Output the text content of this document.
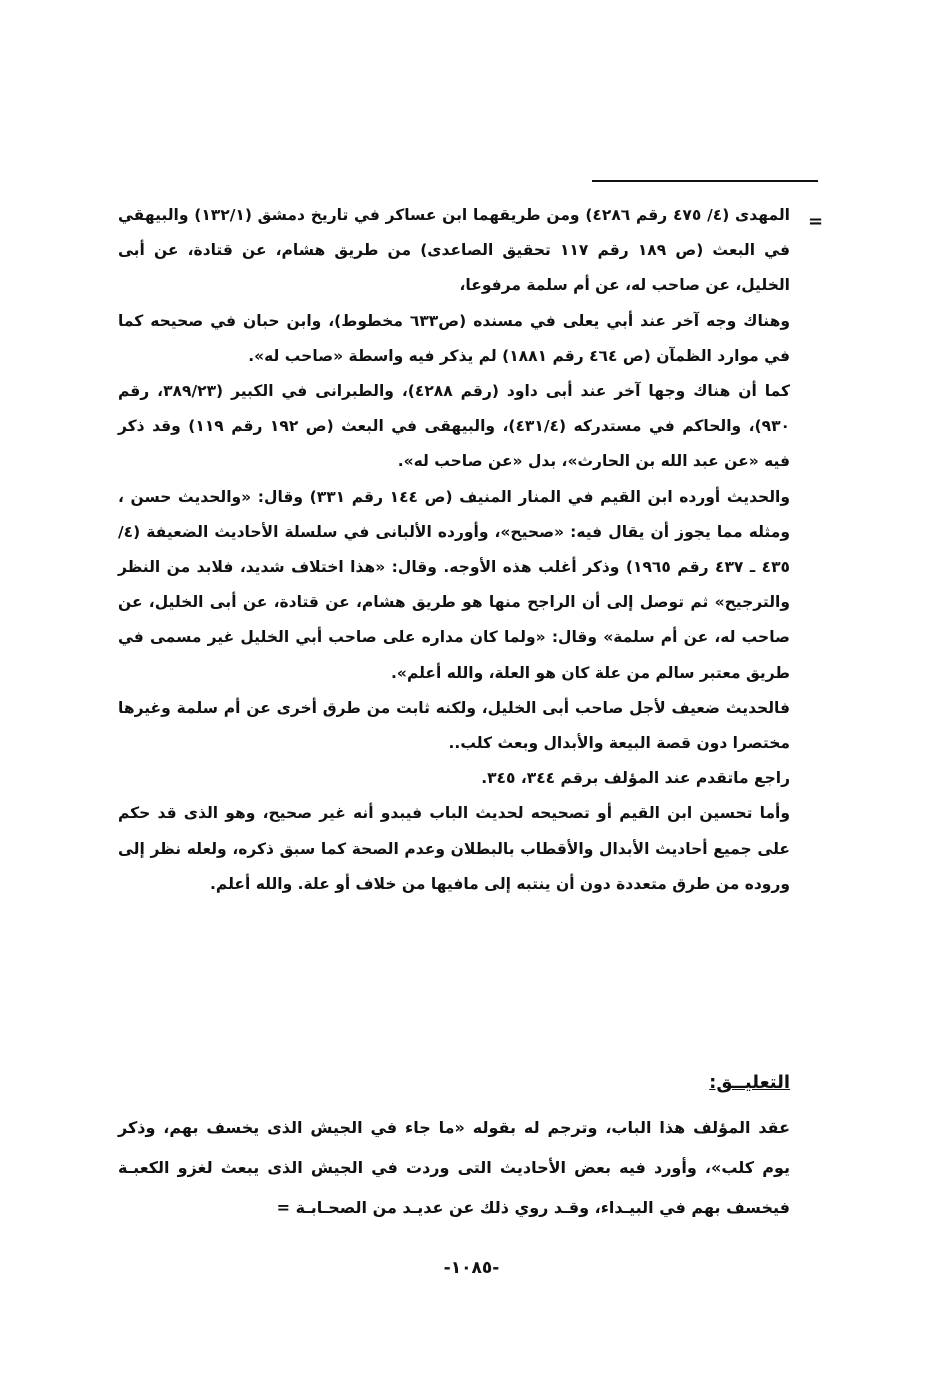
=

المهدى (٤/ ٤٧٥ رقم ٤٢٨٦) ومن طريقهما ابن عساكر في تاريخ دمشق (١٣٢/١) والبيهقي في البعث (ص ١٨٩ رقم ١١٧ تحقيق الصاعدى) من طريق هشام، عن قتادة، عن أبى الخليل، عن صاحب له، عن أم سلمة مرفوعا،

وهناك وجه آخر عند أبي يعلى في مسنده (ص٦٣٣ مخطوط)، وابن حبان في صحيحه كما في موارد الظمآن (ص ٤٦٤ رقم ١٨٨١) لم يذكر فيه واسطة «صاحب له».

كما أن هناك وجها آخر عند أبى داود (رقم ٤٢٨٨)، والطبرانى في الكبير (٣٨٩/٢٣، رقم ٩٣٠)، والحاكم في مستدركه (٤٣١/٤)، والبيهقى في البعث (ص ١٩٢ رقم ١١٩) وقد ذكر فيه «عن عبد الله بن الحارث»، بدل «عن صاحب له».

والحديث أورده ابن القيم في المنار المنيف (ص ١٤٤ رقم ٣٣١) وقال: «والحديث حسن ، ومثله مما يجوز أن يقال فيه: «صحيح»، وأورده الألبانى في سلسلة الأحاديث الضعيفة (٤/ ٤٣٥ ـ ٤٣٧ رقم ١٩٦٥) وذكر أغلب هذه الأوجه. وقال: «هذا اختلاف شديد، فلابد من النظر والترجيح» ثم توصل إلى أن الراجح منها هو طريق هشام، عن قتادة، عن أبى الخليل، عن صاحب له، عن أم سلمة» وقال: «ولما كان مداره على صاحب أبي الخليل غير مسمى في طريق معتبر سالم من علة كان هو العلة، والله أعلم».

فالحديث ضعيف لأجل صاحب أبى الخليل، ولكنه ثابت من طرق أخرى عن أم سلمة وغيرها مختصرا دون قصة البيعة والأبدال وبعث كلب..

راجع ماتقدم عند المؤلف برقم ٣٤٤، ٣٤٥.

وأما تحسين ابن القيم أو تصحيحه لحديث الباب فيبدو أنه غير صحيح، وهو الذى قد حكم على جميع أحاديث الأبدال والأقطاب بالبطلان وعدم الصحة كما سبق ذكره، ولعله نظر إلى وروده من طرق متعددة دون أن ينتبه إلى مافيها من خلاف أو علة. والله أعلم.

التعليــق:

عقد المؤلف هذا الباب، وترجم له بقوله «ما جاء في الجيش الذى يخسف بهم، وذكر يوم كلب»، وأورد فيه بعض الأحاديث التى وردت في الجيش الذى يبعث لغزو الكعبـة فيخسف بهم في البيـداء، وقـد روي ذلك عن عديـد من الصحـابـة =

-١٠٨٥-
